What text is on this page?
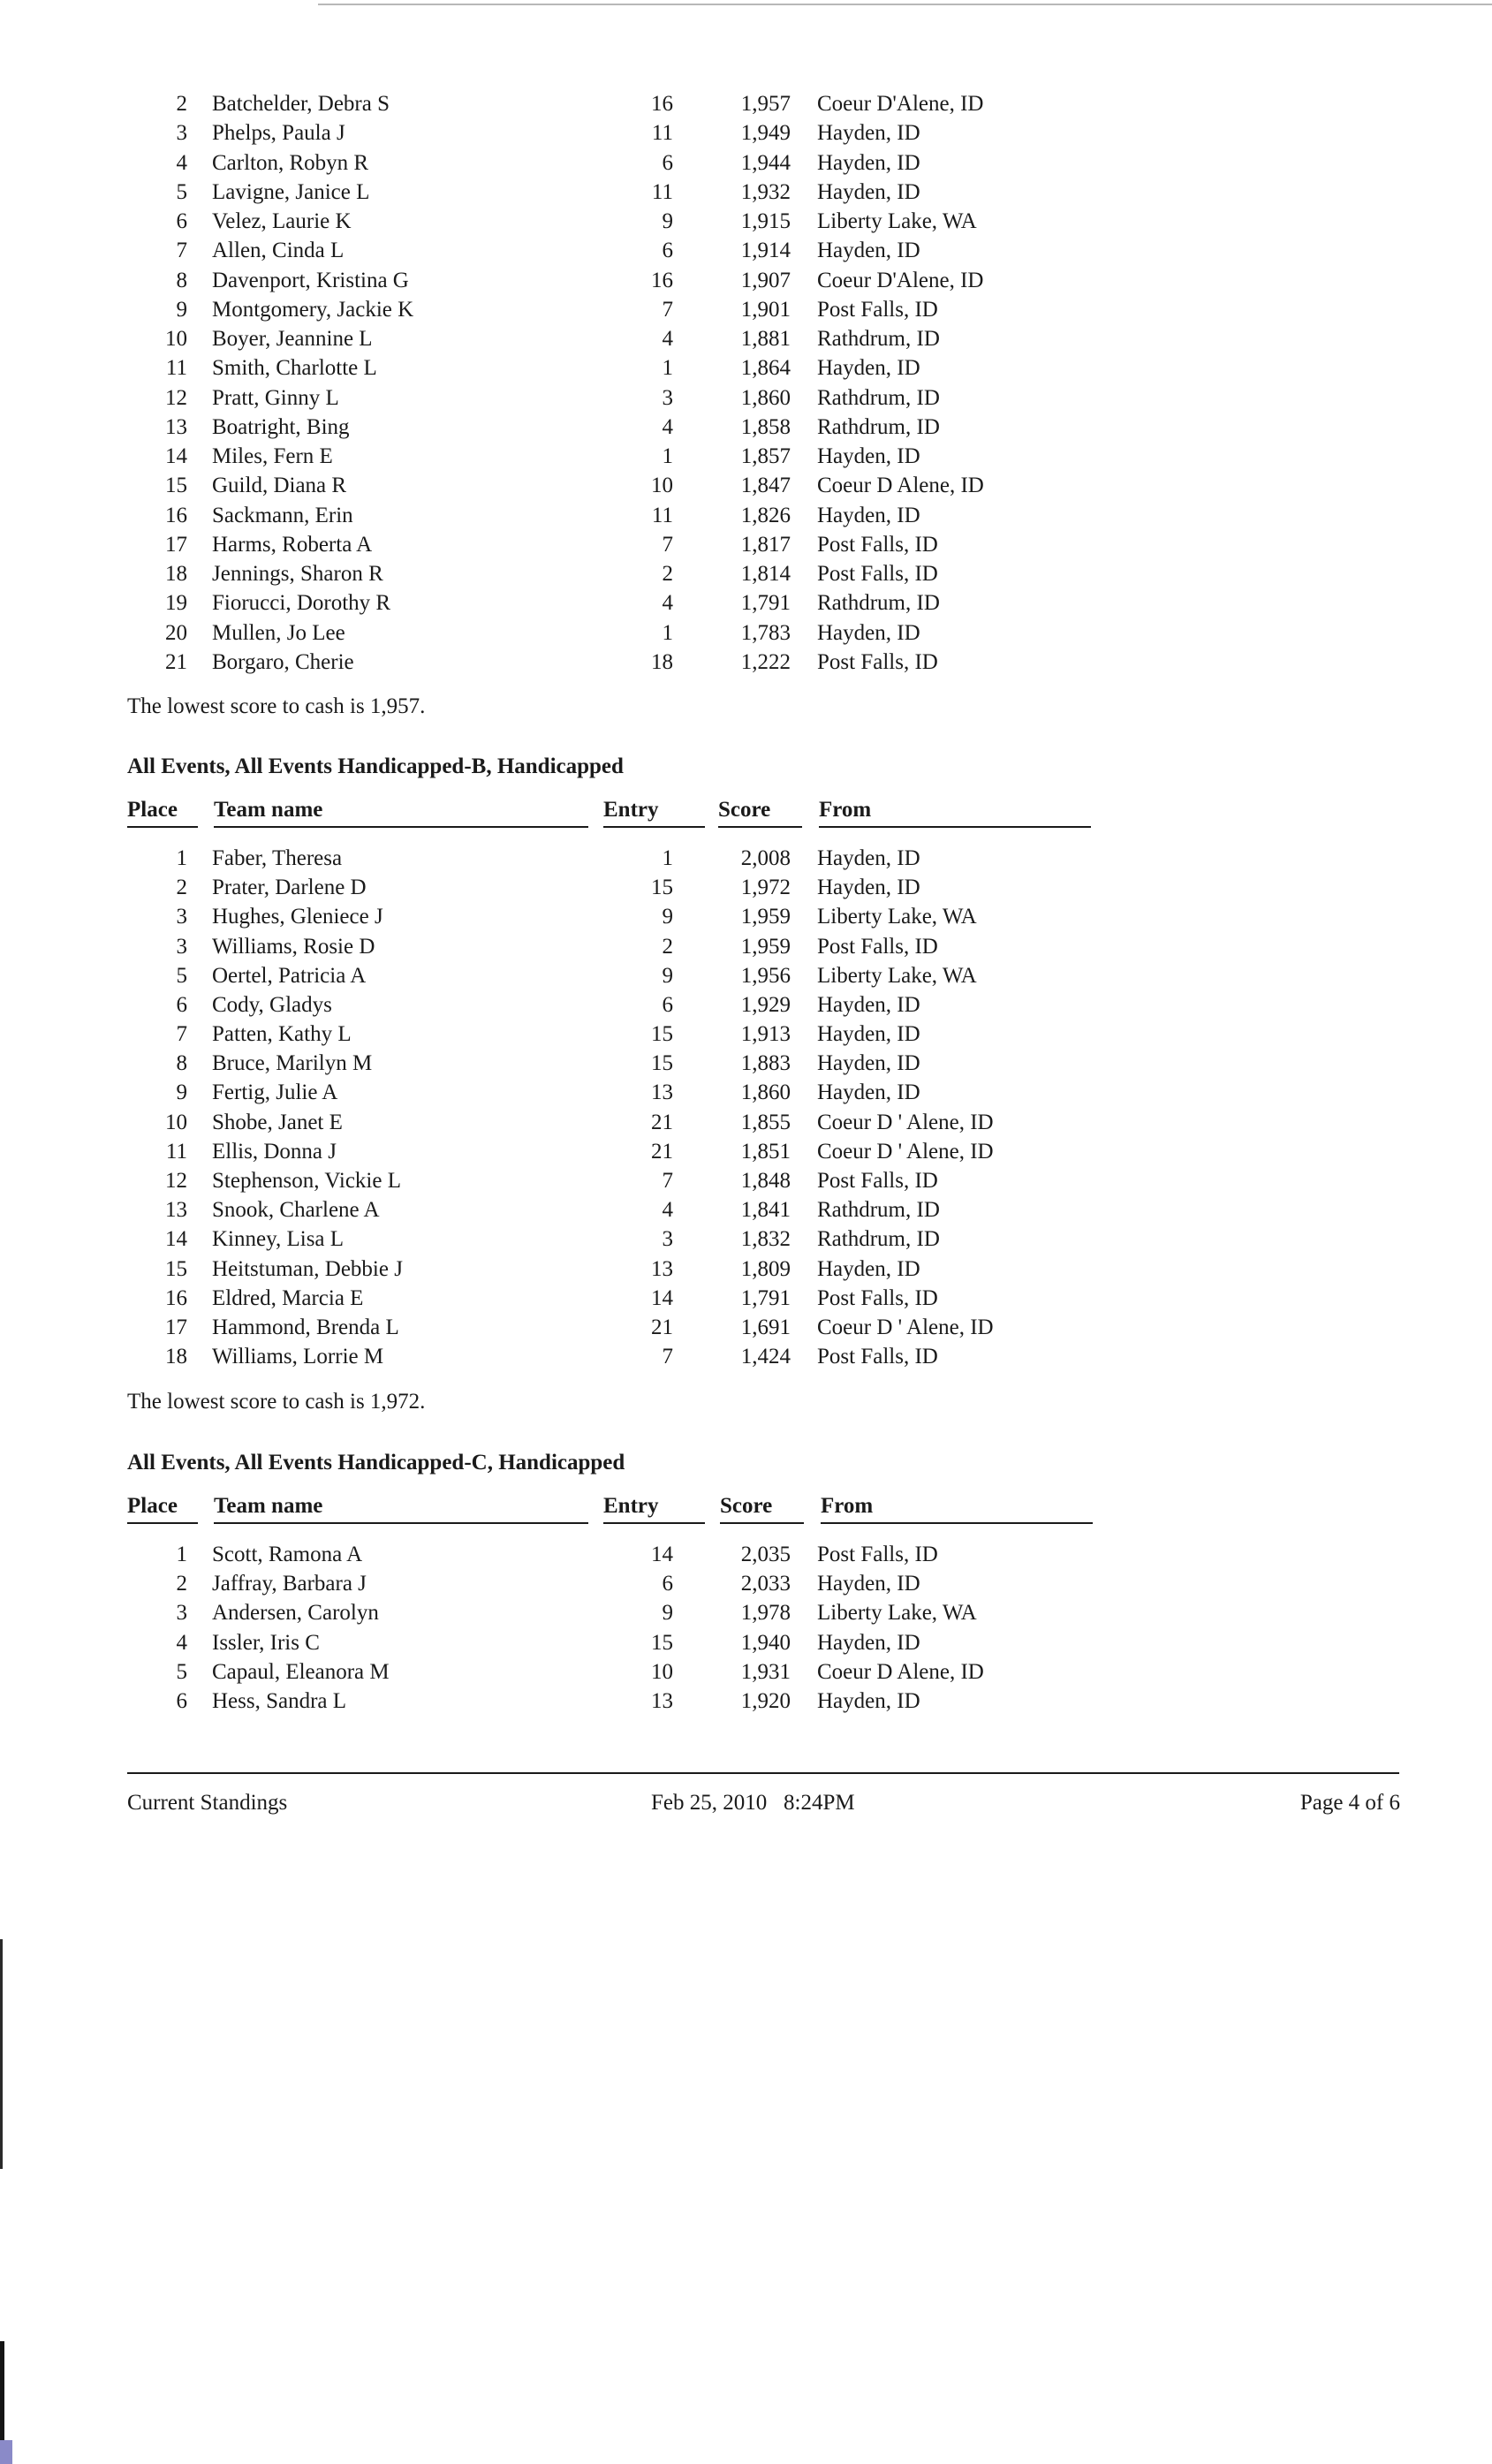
2 Batchelder, Debra S	16	1,957 Coeur D'Alene, ID
3 Phelps, Paula J	11	1,949 Hayden, ID
4 Carlton, Robyn R	6	1,944 Hayden, ID
5 Lavigne, Janice L	11	1,932 Hayden, ID
6 Velez, Laurie K	9	1,915 Liberty Lake, WA
7 Allen, Cinda L	6	1,914 Hayden, ID
8 Davenport, Kristina G	16	1,907 Coeur D'Alene, ID
9 Montgomery, Jackie K	7	1,901 Post Falls, ID
10 Boyer, Jeannine L	4	1,881 Rathdrum, ID
11 Smith, Charlotte L	1	1,864 Hayden, ID
12 Pratt, Ginny L	3	1,860 Rathdrum, ID
13 Boatright, Bing	4	1,858 Rathdrum, ID
14 Miles, Fern E	1	1,857 Hayden, ID
15 Guild, Diana R	10	1,847 Coeur D Alene, ID
16 Sackmann, Erin	11	1,826 Hayden, ID
17 Harms, Roberta A	7	1,817 Post Falls, ID
18 Jennings, Sharon R	2	1,814 Post Falls, ID
19 Fiorucci, Dorothy R	4	1,791 Rathdrum, ID
20 Mullen, Jo Lee	1	1,783 Hayden, ID
21 Borgaro, Cherie	18	1,222 Post Falls, ID
The lowest score to cash is 1,957.
All Events, All Events Handicapped-B, Handicapped
Place Team name	Entry	Score From
1 Faber, Theresa	1	2,008 Hayden, ID
2 Prater, Darlene D	15	1,972 Hayden, ID
3 Hughes, Gleniece J	9	1,959 Liberty Lake, WA
3 Williams, Rosie D	2	1,959 Post Falls, ID
5 Oertel, Patricia A	9	1,956 Liberty Lake, WA
6 Cody, Gladys	6	1,929 Hayden, ID
7 Patten, Kathy L	15	1,913 Hayden, ID
8 Bruce, Marilyn M	15	1,883 Hayden, ID
9 Fertig, Julie A	13	1,860 Hayden, ID
10 Shobe, Janet E	21	1,855 Coeur D ' Alene, ID
11 Ellis, Donna J	21	1,851 Coeur D ' Alene, ID
12 Stephenson, Vickie L	7	1,848 Post Falls, ID
13 Snook, Charlene A	4	1,841 Rathdrum, ID
14 Kinney, Lisa L	3	1,832 Rathdrum, ID
15 Heitstuman, Debbie J	13	1,809 Hayden, ID
16 Eldred, Marcia E	14	1,791 Post Falls, ID
17 Hammond, Brenda L	21	1,691 Coeur D ' Alene, ID
18 Williams, Lorrie M	7	1,424 Post Falls, ID
The lowest score to cash is 1,972.
All Events, All Events Handicapped-C, Handicapped
Place Team name	Entry	Score From
1 Scott, Ramona A	14	2,035 Post Falls, ID
2 Jaffray, Barbara J	6	2,033 Hayden, ID
3 Andersen, Carolyn	9	1,978 Liberty Lake, WA
4 Issler, Iris C	15	1,940 Hayden, ID
5 Capaul, Eleanora M	10	1,931 Coeur D Alene, ID
6 Hess, Sandra L	13	1,920 Hayden, ID
Current Standings	Feb 25, 2010   8:24PM	Page 4 of 6
